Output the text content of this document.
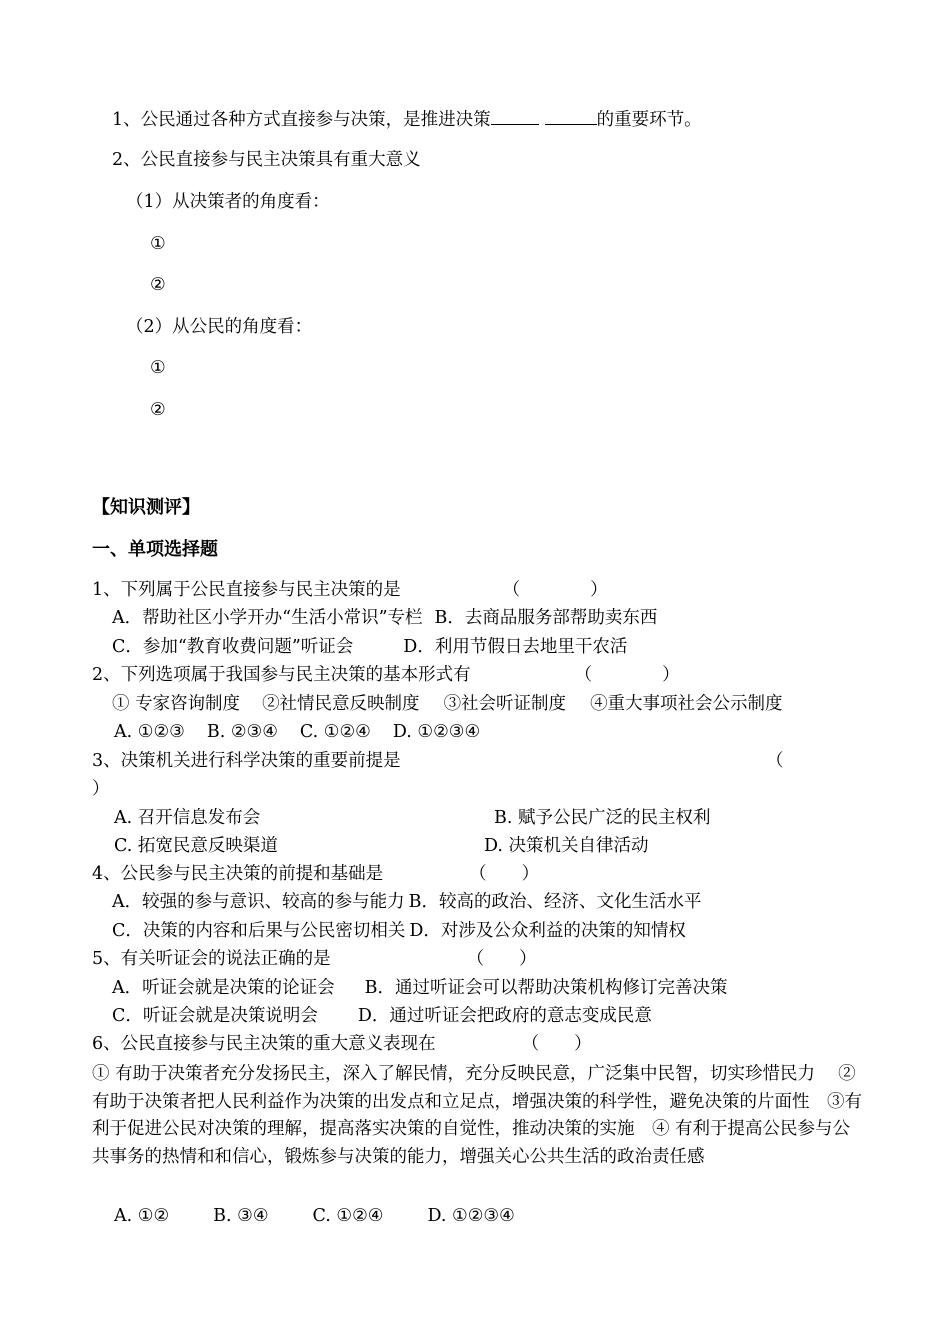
1、公民通过各种方式直接参与决策，是推进决策	的重要环节。
2、公民直接参与民主决策具有重大意义
（1）从决策者的角度看：
①
②
（2）从公民的角度看：
①
②
【知识测评】
一、单项选择题
1、下列属于公民直接参与民主决策的是	（　　　　）
A．帮助社区小学开办“生活小常识”专栏 B．去商品服务部帮助卖东西
C．参加“教育收费问题”听证会	D．利用节假日去地里干农活
2、下列选项属于我国参与民主决策的基本形式有	（　　　　）
① 专家咨询制度 ②社情民意反映制度 ③社会听证制度 ④重大事项社会公示制度
A. ①②③ B. ②③④ C. ①②④ D. ①②③④
3、决策机关进行科学决策的重要前提是	（
）
A. 召开信息发布会	B. 赋予公民广泛的民主权利
C. 拓宽民意反映渠道	D. 决策机关自律活动
4、公民参与民主决策的前提和基础是	（　　）
A．较强的参与意识、较高的参与能力 B．较高的政治、经济、文化生活水平
C．决策的内容和后果与公民密切相关 D．对涉及公众利益的决策的知情权
5、有关听证会的说法正确的是	（　　）
A．听证会就是决策的论证会 B．通过听证会可以帮助决策机构修订完善决策
C．听证会就是决策说明会 D．通过听证会把政府的意志变成民意
6、公民直接参与民主决策的重大意义表现在	（　　）
① 有助于决策者充分发扬民主，深入了解民情，充分反映民意，广泛集中民智，切实珍惜民力　 ②有助于决策者把人民利益作为决策的出发点和立足点，增强决策的科学性，避免决策的片面性　③有利于促进公民对决策的理解，提高落实决策的自觉性，推动决策的实施　④ 有利于提高公民参与公共事务的热情和和信心，锻炼参与决策的能力，增强关心公共生活的政治责任感
A. ①②	B. ③④	C. ①②④	D. ①②③④
